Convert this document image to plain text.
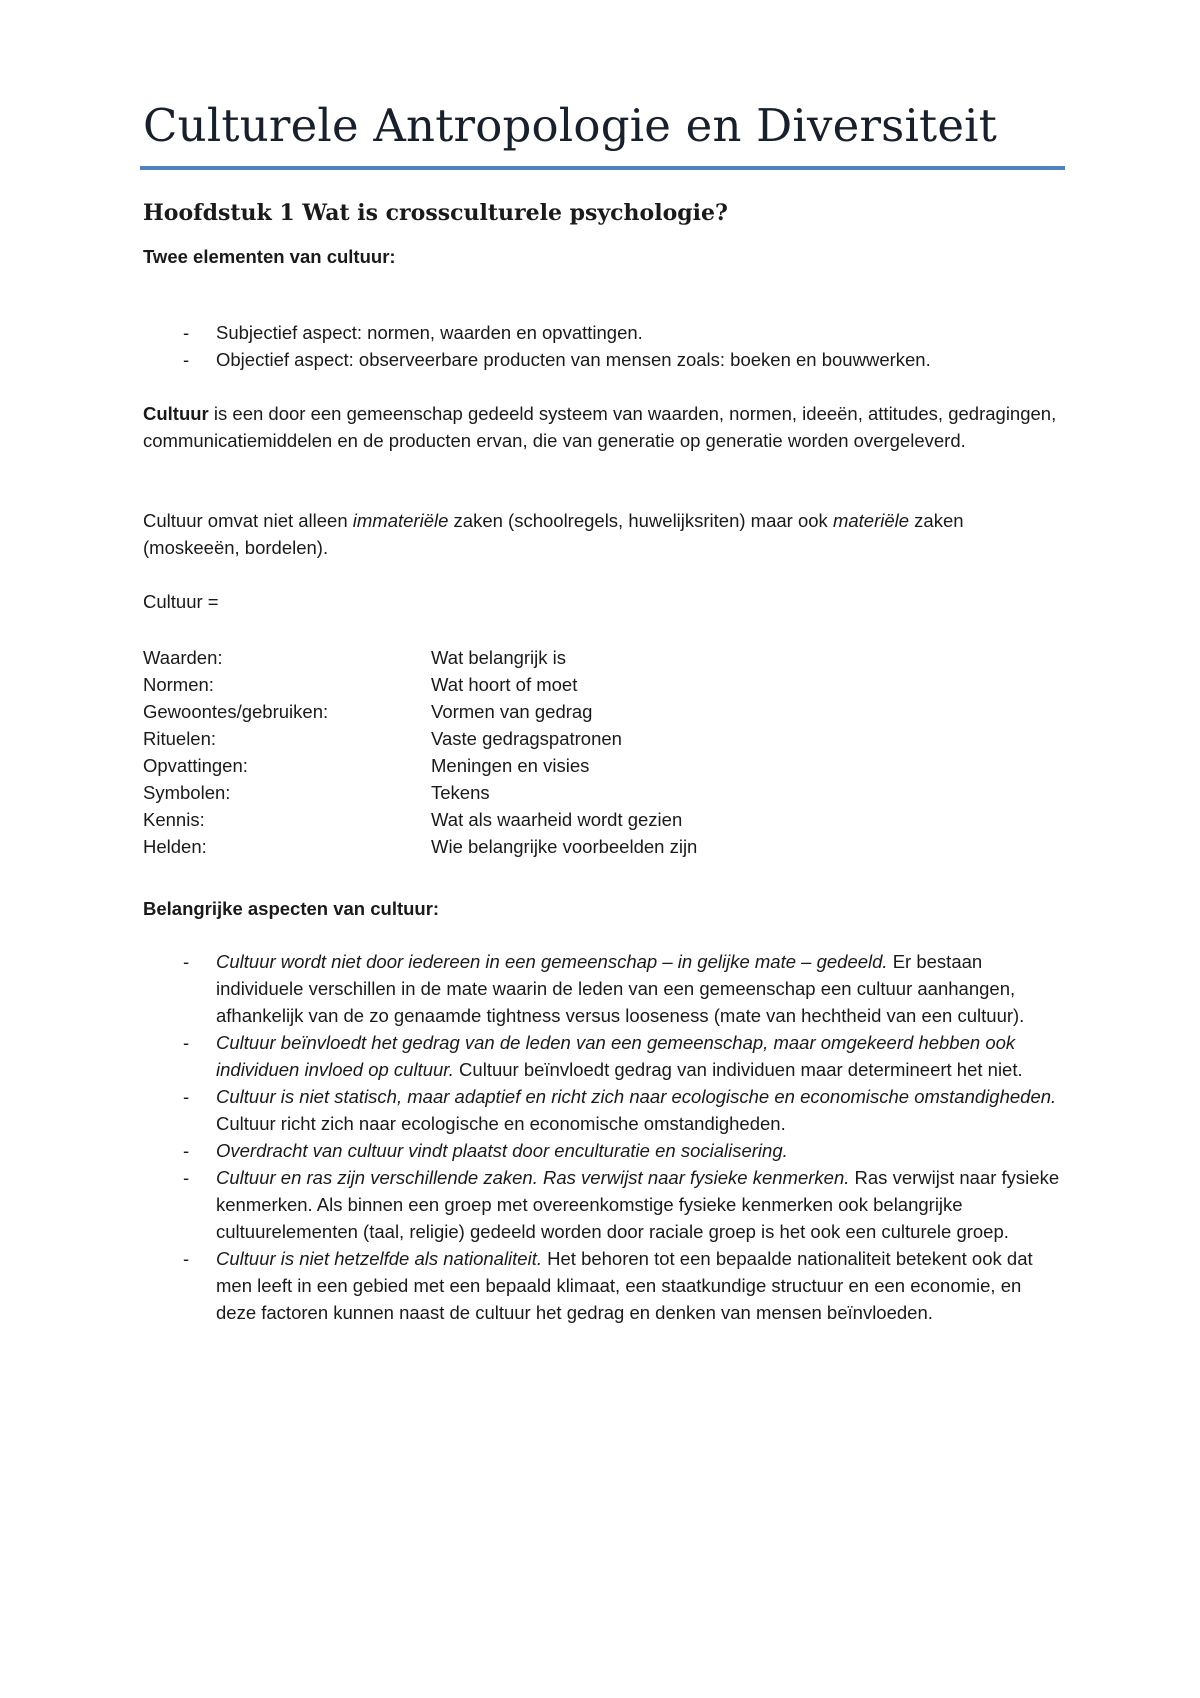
Culturele Antropologie en Diversiteit
Hoofdstuk 1 Wat is crossculturele psychologie?

Twee elementen van cultuur:

- Subjectief aspect: normen, waarden en opvattingen.
- Objectief aspect: observeerbare producten van mensen zoals: boeken en bouwwerken.

Cultuur is een door een gemeenschap gedeeld systeem van waarden, normen, ideeën, attitudes, gedragingen, communicatiemiddelen en de producten ervan, die van generatie op generatie worden overgeleverd.

Cultuur omvat niet alleen immateriële zaken (schoolregels, huwelijksriten) maar ook materiële zaken (moskeeën, bordelen).

Cultuur =

Waarden:	Wat belangrijk is
Normen:	Wat hoort of moet
Gewoontes/gebruiken:	Vormen van gedrag
Rituelen:	Vaste gedragspatronen
Opvattingen:	Meningen en visies
Symbolen:	Tekens
Kennis:	Wat als waarheid wordt gezien
Helden:	Wie belangrijke voorbeelden zijn

Belangrijke aspecten van cultuur:

- Cultuur wordt niet door iedereen in een gemeenschap – in gelijke mate – gedeeld. Er bestaan individuele verschillen in de mate waarin de leden van een gemeenschap een cultuur aanhangen, afhankelijk van de zo genaamde tightness versus looseness (mate van hechtheid van een cultuur).
- Cultuur beïnvloedt het gedrag van de leden van een gemeenschap, maar omgekeerd hebben ook individuen invloed op cultuur. Cultuur beïnvloedt gedrag van individuen maar determineert het niet.
- Cultuur is niet statisch, maar adaptief en richt zich naar ecologische en economische omstandigheden. Cultuur richt zich naar ecologische en economische omstandigheden.
- Overdracht van cultuur vindt plaatst door enculturatie en socialisering.
- Cultuur en ras zijn verschillende zaken. Ras verwijst naar fysieke kenmerken. Ras verwijst naar fysieke kenmerken. Als binnen een groep met overeenkomstige fysieke kenmerken ook belangrijke cultuurelementen (taal, religie) gedeeld worden door raciale groep is het ook een culturele groep.
- Cultuur is niet hetzelfde als nationaliteit. Het behoren tot een bepaalde nationaliteit betekent ook dat men leeft in een gebied met een bepaald klimaat, een staatkundige structuur en een economie, en deze factoren kunnen naast de cultuur het gedrag en denken van mensen beïnvloeden.
